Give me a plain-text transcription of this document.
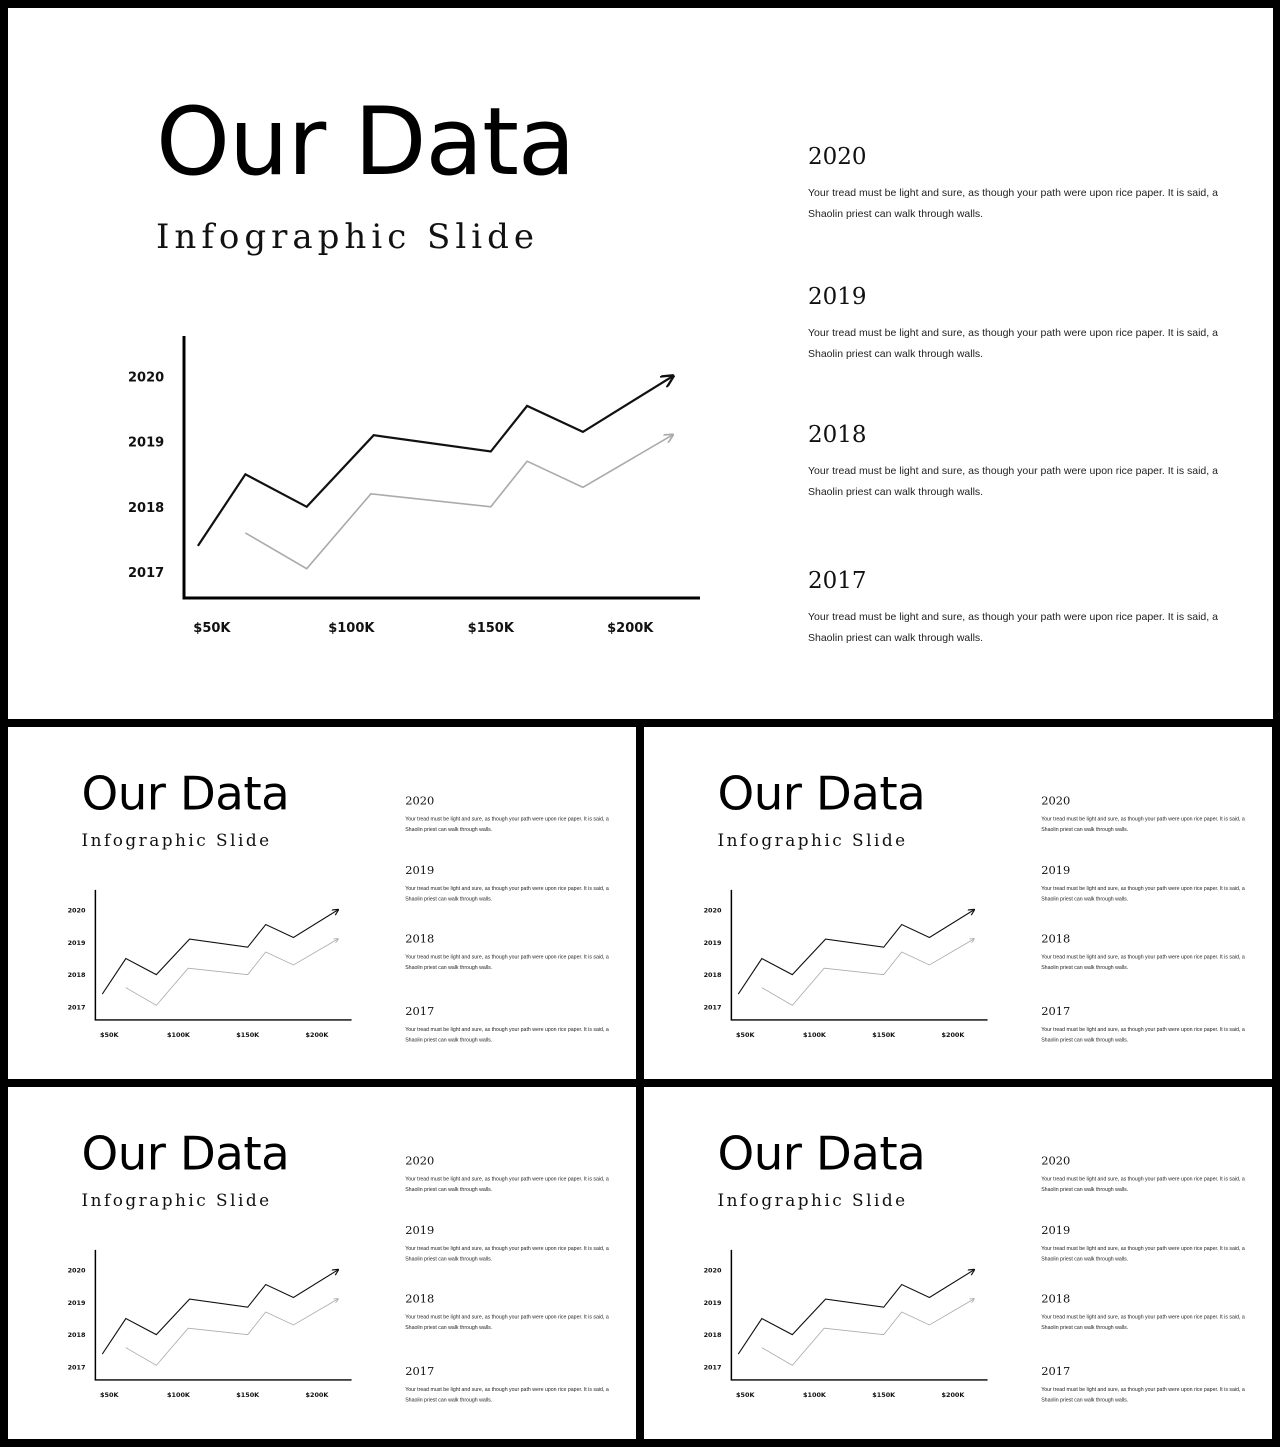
Our Data
Infographic Slide
2020
2019
2018
2017
$50K	$100K	$150K	$200K
2020
Your tread must be light and sure, as though your path were upon rice paper. It is said, a Shaolin priest can walk through walls.
2019
Your tread must be light and sure, as though your path were upon rice paper. It is said, a Shaolin priest can walk through walls.
2018
Your tread must be light and sure, as though your path were upon rice paper. It is said, a Shaolin priest can walk through walls.
2017
Your tread must be light and sure, as though your path were upon rice paper. It is said, a Shaolin priest can walk through walls.
Our Data
Infographic Slide
2020
2019
2018
2017
$50K	$100K	$150K	$200K
2020
Your tread must be light and sure, as though your path were upon rice paper. It is said, a Shaolin priest can walk through walls.
2019
Your tread must be light and sure, as though your path were upon rice paper. It is said, a Shaolin priest can walk through walls.
2018
Your tread must be light and sure, as though your path were upon rice paper. It is said, a Shaolin priest can walk through walls.
2017
Your tread must be light and sure, as though your path were upon rice paper. It is said, a Shaolin priest can walk through walls.
Our Data
Infographic Slide
2020
2019
2018
2017
$50K	$100K	$150K	$200K
2020
Your tread must be light and sure, as though your path were upon rice paper. It is said, a Shaolin priest can walk through walls.
2019
Your tread must be light and sure, as though your path were upon rice paper. It is said, a Shaolin priest can walk through walls.
2018
Your tread must be light and sure, as though your path were upon rice paper. It is said, a Shaolin priest can walk through walls.
2017
Your tread must be light and sure, as though your path were upon rice paper. It is said, a Shaolin priest can walk through walls.
Our Data
Infographic Slide
2020
2019
2018
2017
$50K	$100K	$150K	$200K
2020
Your tread must be light and sure, as though your path were upon rice paper. It is said, a Shaolin priest can walk through walls.
2019
Your tread must be light and sure, as though your path were upon rice paper. It is said, a Shaolin priest can walk through walls.
2018
Your tread must be light and sure, as though your path were upon rice paper. It is said, a Shaolin priest can walk through walls.
2017
Your tread must be light and sure, as though your path were upon rice paper. It is said, a Shaolin priest can walk through walls.
Our Data
Infographic Slide
2020
2019
2018
2017
$50K	$100K	$150K	$200K
2020
Your tread must be light and sure, as though your path were upon rice paper. It is said, a Shaolin priest can walk through walls.
2019
Your tread must be light and sure, as though your path were upon rice paper. It is said, a Shaolin priest can walk through walls.
2018
Your tread must be light and sure, as though your path were upon rice paper. It is said, a Shaolin priest can walk through walls.
2017
Your tread must be light and sure, as though your path were upon rice paper. It is said, a Shaolin priest can walk through walls.
